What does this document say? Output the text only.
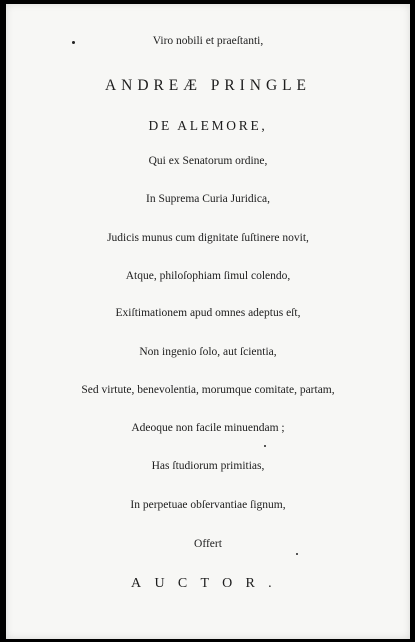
Viro nobili et praeſtanti,
ANDREÆ PRINGLE
DE ALEMORE,
Qui ex Senatorum ordine,
In Suprema Curia Juridica,
Judicis munus cum dignitate ſuſtinere novit,
Atque, philoſophiam ſimul colendo,
Exiſtimationem apud omnes adeptus eſt,
Non ingenio ſolo, aut ſcientia,
Sed virtute, benevolentia, morumque comitate, partam,
Adeoque non facile minuendam ;
Has ſtudiorum primitias,
In perpetuae obſervantiae ſignum,
Offert
AUCTOR.
